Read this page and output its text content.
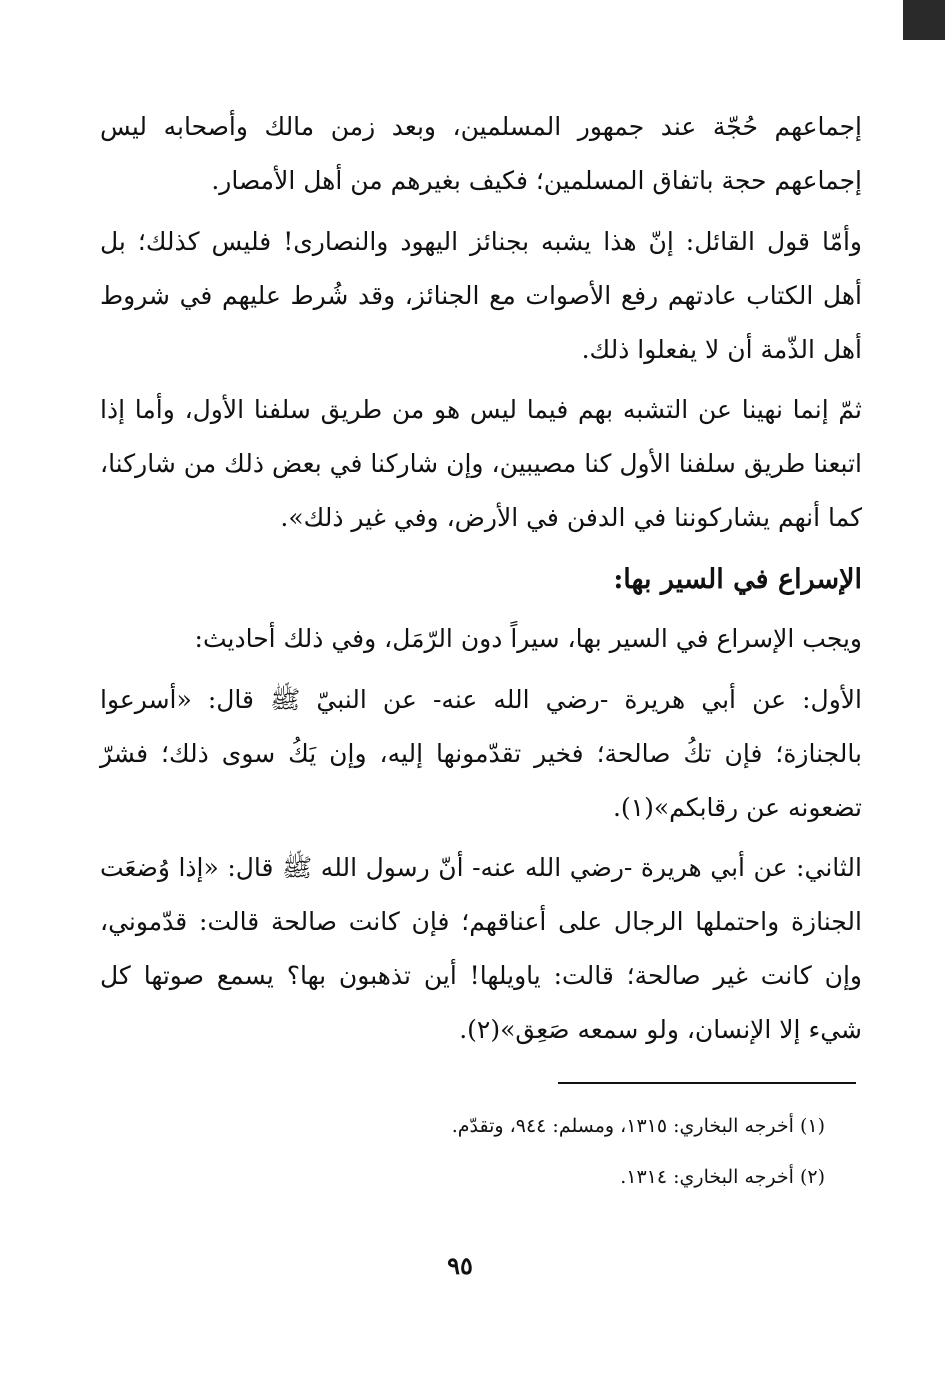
إجماعهم حُجّة عند جمهور المسلمين، وبعد زمن مالك وأصحابه ليس إجماعهم حجة باتفاق المسلمين؛ فكيف بغيرهم من أهل الأمصار.

وأمّا قول القائل: إنّ هذا يشبه بجنائز اليهود والنصارى! فليس كذلك؛ بل أهل الكتاب عادتهم رفع الأصوات مع الجنائز، وقد شُرط عليهم في شروط أهل الذّمة أن لا يفعلوا ذلك.

ثمّ إنما نهينا عن التشبه بهم فيما ليس هو من طريق سلفنا الأول، وأما إذا اتبعنا طريق سلفنا الأول كنا مصيبين، وإن شاركنا في بعض ذلك من شاركنا، كما أنهم يشاركوننا في الدفن في الأرض، وفي غير ذلك».

الإسراع في السير بها:

ويجب الإسراع في السير بها، سيراً دون الرّمَل، وفي ذلك أحاديث:

الأول: عن أبي هريرة -رضي الله عنه- عن النبيّ ﷺ قال: «أسرعوا بالجنازة؛ فإن تكُ صالحة؛ فخير تقدّمونها إليه، وإن يَكُ سوى ذلك؛ فشرّ تضعونه عن رقابكم»(١).

الثاني: عن أبي هريرة -رضي الله عنه- أنّ رسول الله ﷺ قال: «إذا وُضعَت الجنازة واحتملها الرجال على أعناقهم؛ فإن كانت صالحة قالت: قدّموني، وإن كانت غير صالحة؛ قالت: ياويلها! أين تذهبون بها؟ يسمع صوتها كل شيء إلا الإنسان، ولو سمعه صَعِق»(٢).

(١) أخرجه البخاري: ١٣١٥، ومسلم: ٩٤٤، وتقدّم.

(٢) أخرجه البخاري: ١٣١٤.

٩٥
